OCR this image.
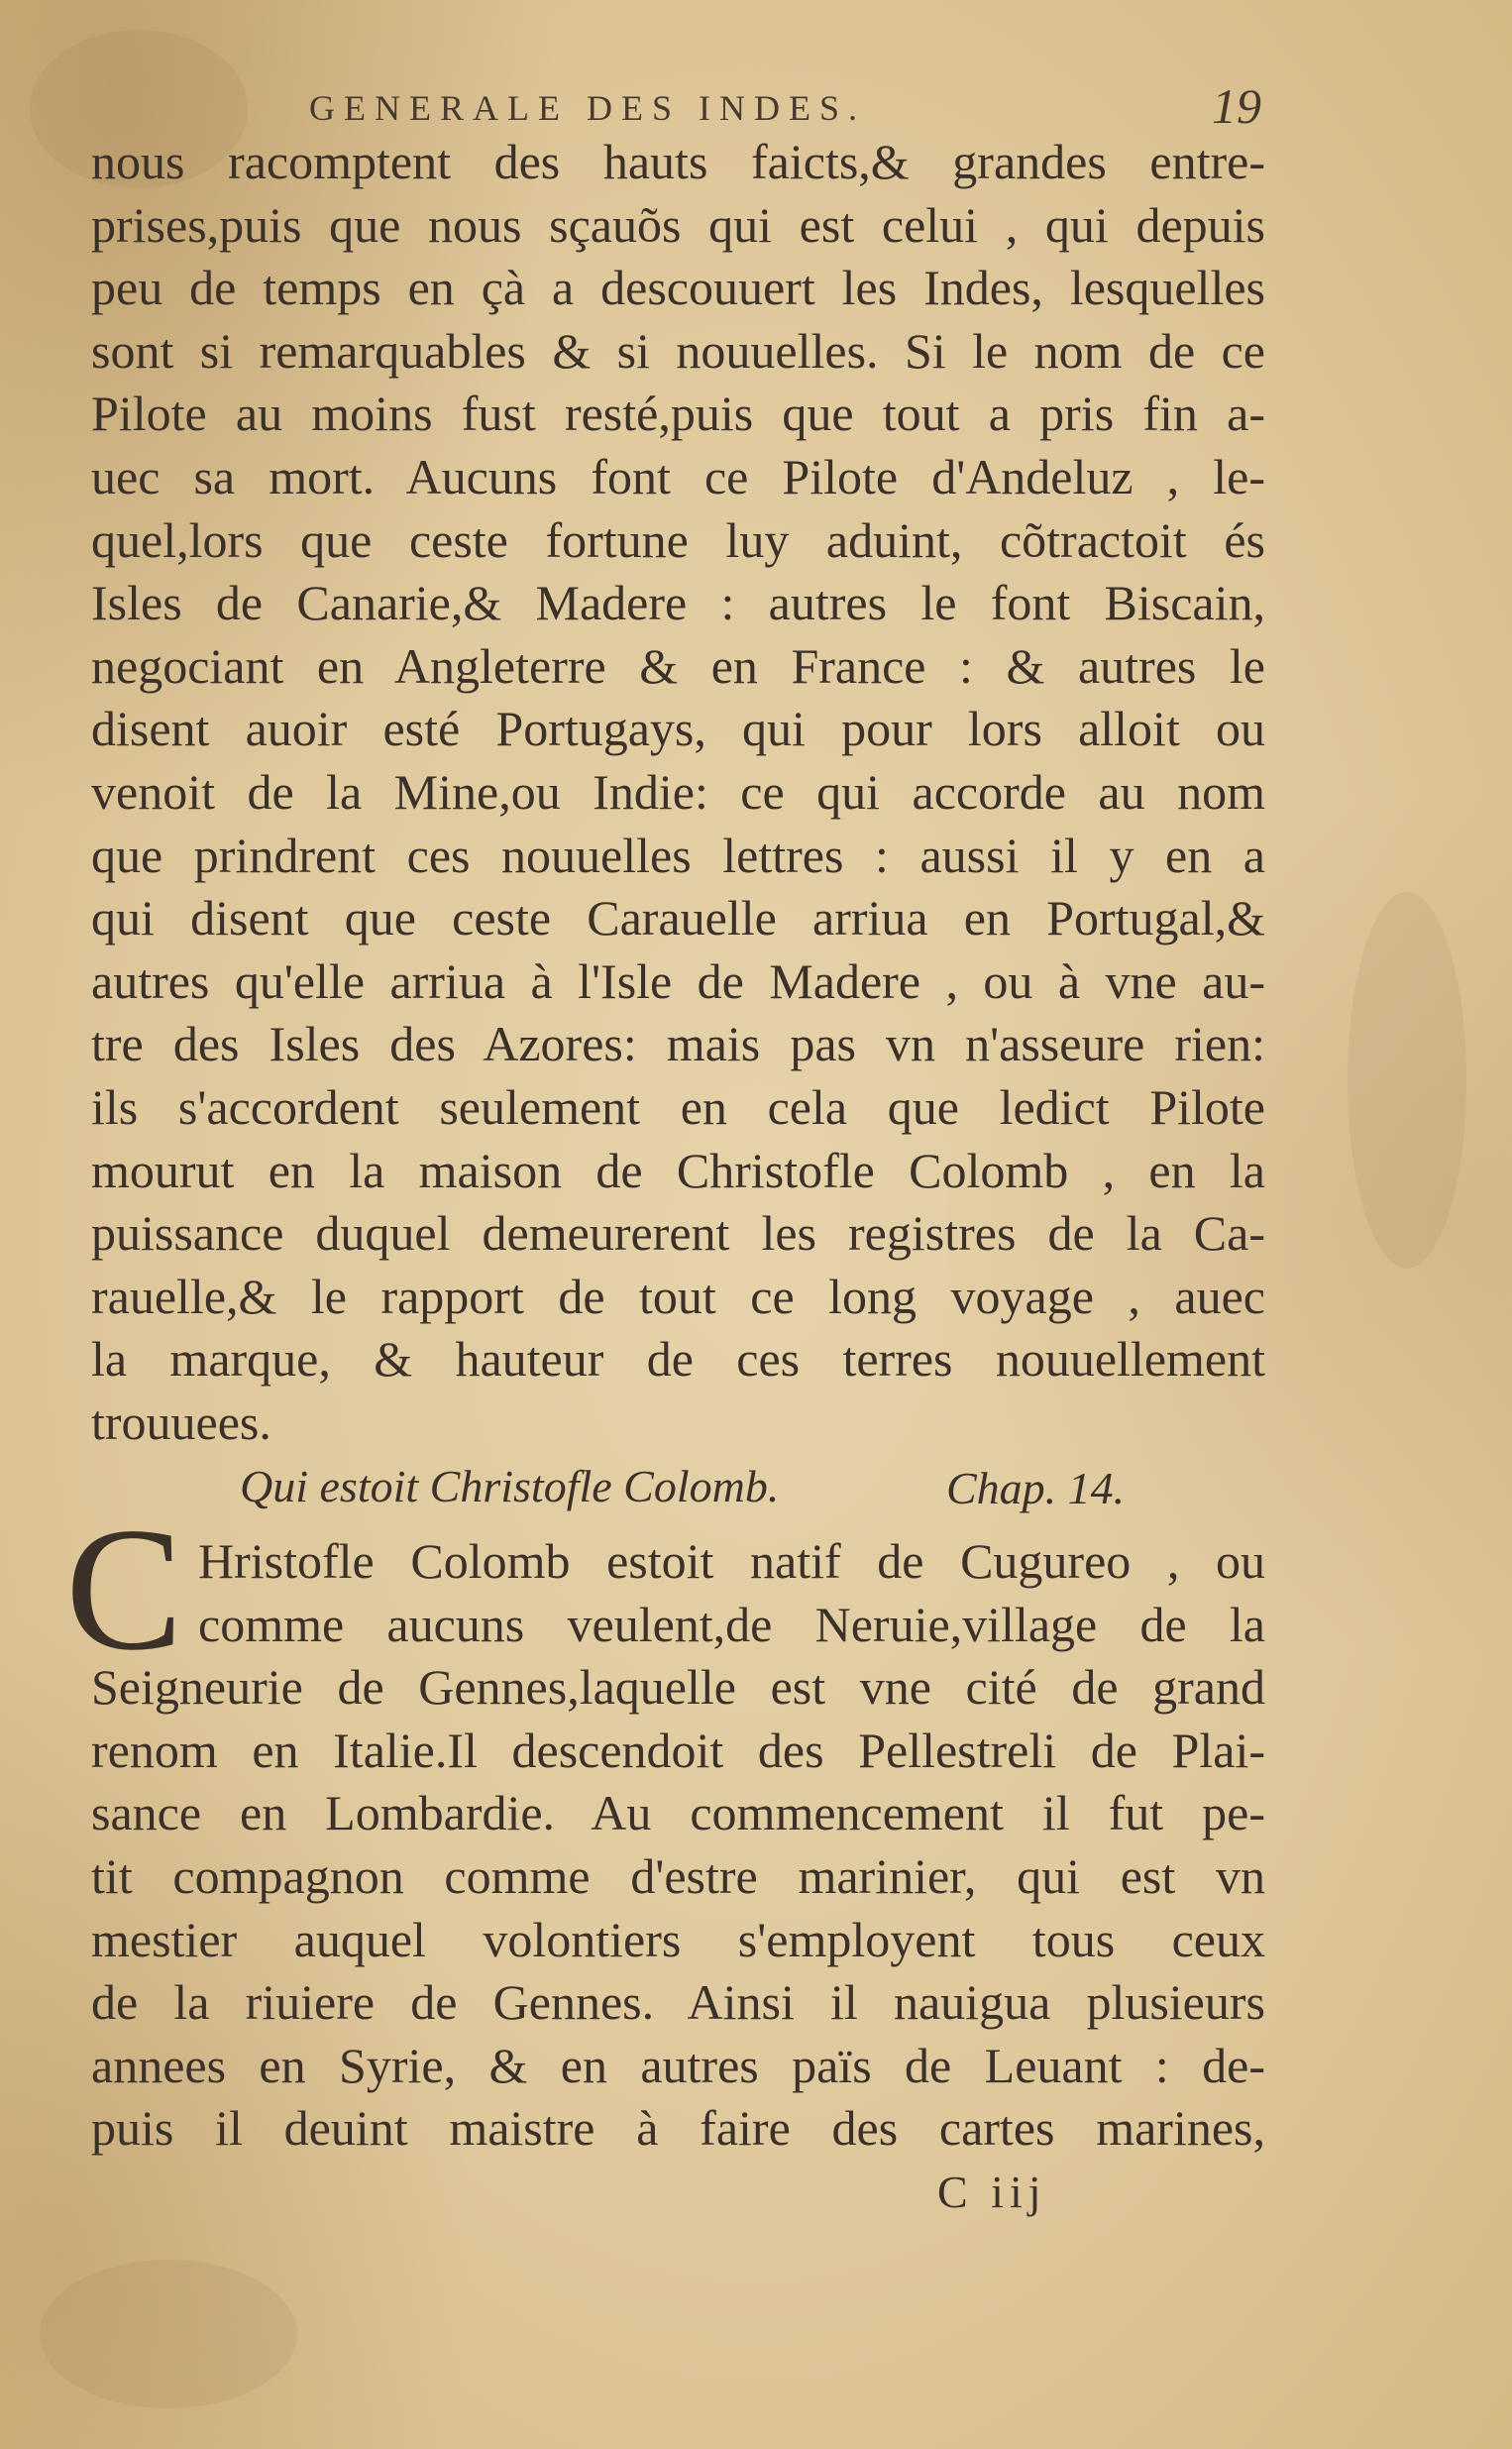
GENERALE DES INDES.	19
nous racomptent des hauts faicts,& grandes entre-
prises,puis que nous sçauõs qui est celui , qui depuis
peu de temps en çà a descouuert les Indes, lesquelles
sont si remarquables & si nouuelles. Si le nom de ce
Pilote au moins fust resté,puis que tout a pris fin a-
uec sa mort. Aucuns font ce Pilote d'Andeluz , le-
quel,lors que ceste fortune luy aduint, cõtractoit és
Isles de Canarie,& Madere : autres le font Biscain,
negociant en Angleterre & en France : & autres le
disent auoir esté Portugays, qui pour lors alloit ou
venoit de la Mine,ou Indie: ce qui accorde au nom
que prindrent ces nouuelles lettres : aussi il y en a
qui disent que ceste Carauelle arriua en Portugal,&
autres qu'elle arriua à l'Isle de Madere , ou à vne au-
tre des Isles des Azores: mais pas vn n'asseure rien:
ils s'accordent seulement en cela que ledict Pilote
mourut en la maison de Christofle Colomb , en la
puissance duquel demeurerent les registres de la Ca-
rauelle,& le rapport de tout ce long voyage , auec
la marque, & hauteur de ces terres nouuellement
trouuees.
Qui estoit Christofle Colomb.	Chap. 14.
C Hristofle Colomb estoit natif de Cugureo , ou
comme aucuns veulent,de Neruie,village de la
Seigneurie de Gennes,laquelle est vne cité de grand
renom en Italie.Il descendoit des Pellestreli de Plai-
sance en Lombardie. Au commencement il fut pe-
tit compagnon comme d'estre marinier, qui est vn
mestier auquel volontiers s'employent tous ceux
de la riuiere de Gennes. Ainsi il nauigua plusieurs
annees en Syrie, & en autres païs de Leuant : de-
puis il deuint maistre à faire des cartes marines,
C iij
